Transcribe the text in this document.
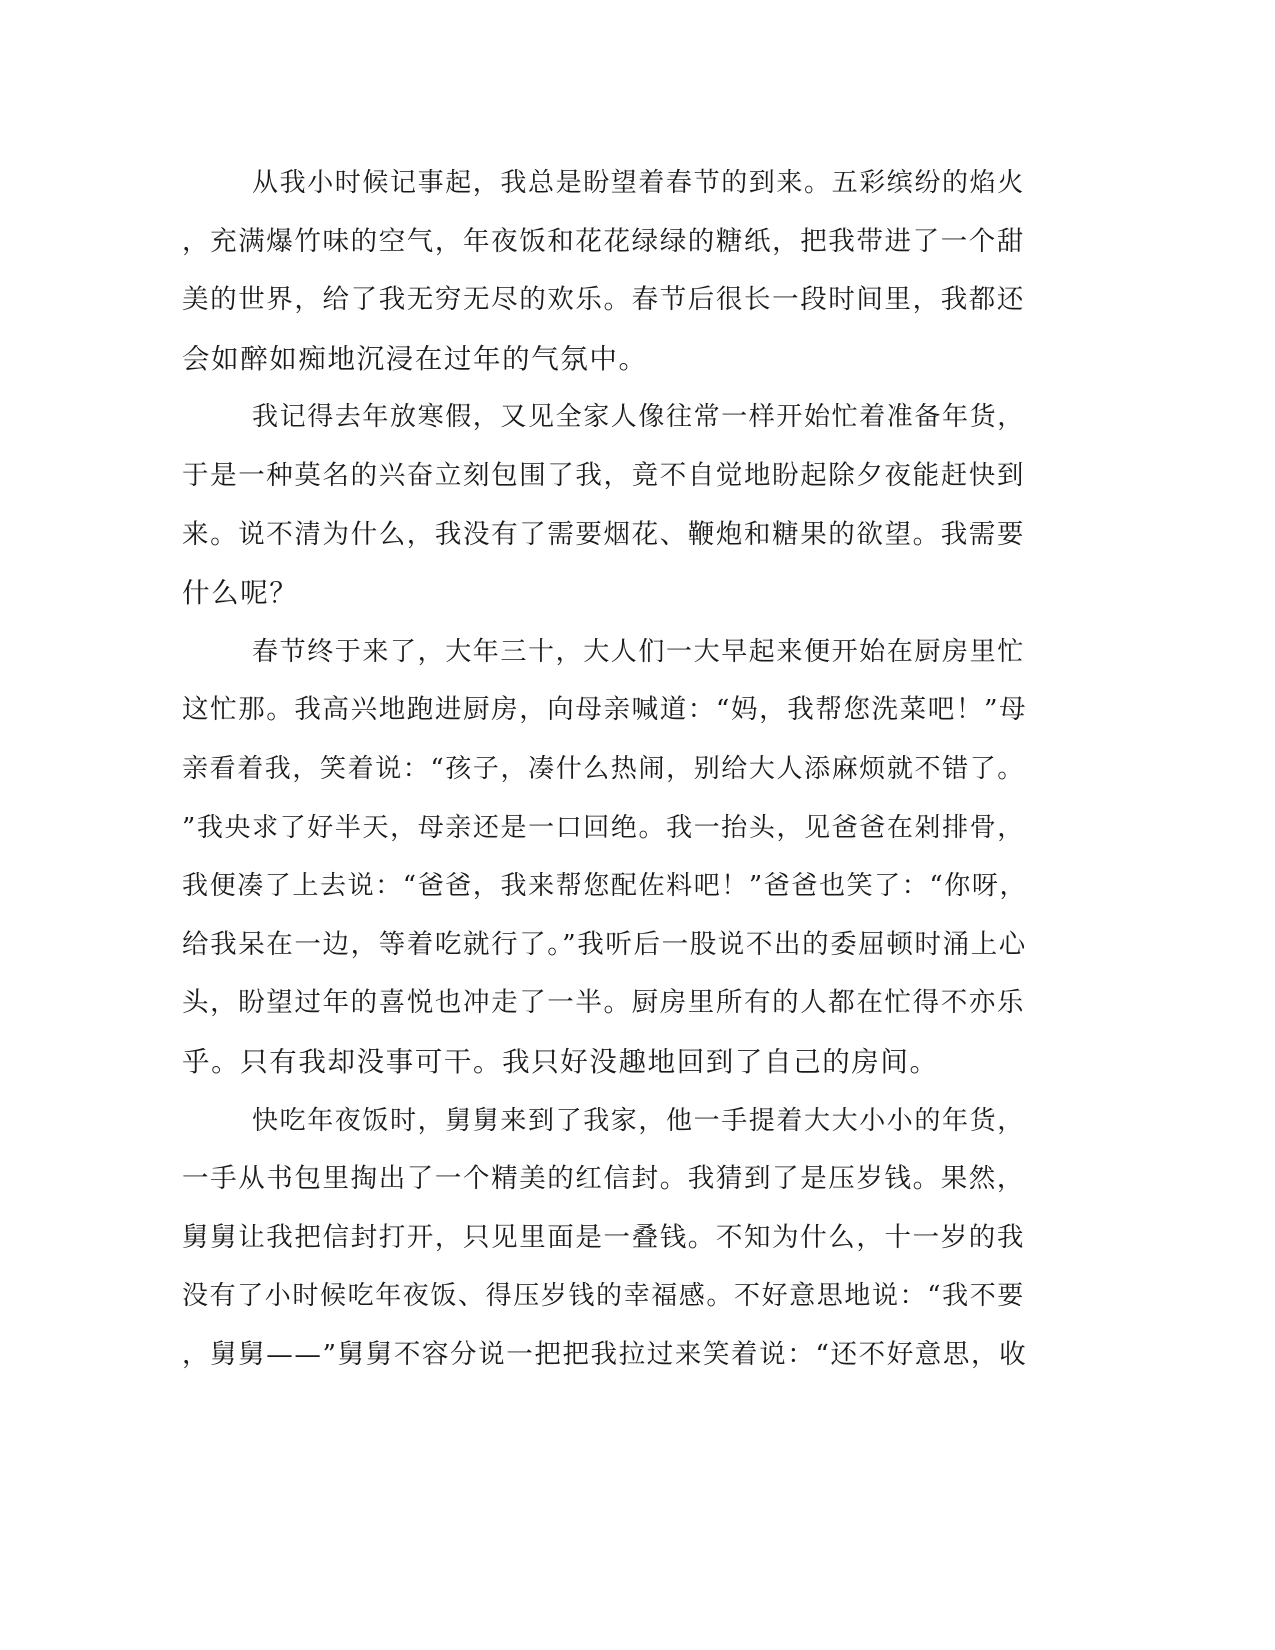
从我小时候记事起，我总是盼望着春节的到来。五彩缤纷的焰火
，充满爆竹味的空气，年夜饭和花花绿绿的糖纸，把我带进了一个甜
美的世界，给了我无穷无尽的欢乐。春节后很长一段时间里，我都还
会如醉如痴地沉浸在过年的气氛中。
我记得去年放寒假，又见全家人像往常一样开始忙着准备年货，
于是一种莫名的兴奋立刻包围了我，竟不自觉地盼起除夕夜能赶快到
来。说不清为什么，我没有了需要烟花、鞭炮和糖果的欲望。我需要
什么呢？
春节终于来了，大年三十，大人们一大早起来便开始在厨房里忙
这忙那。我高兴地跑进厨房，向母亲喊道：“妈，我帮您洗菜吧！”母
亲看着我，笑着说：“孩子，凑什么热闹，别给大人添麻烦就不错了。
”我央求了好半天，母亲还是一口回绝。我一抬头，见爸爸在剁排骨，
我便凑了上去说：“爸爸，我来帮您配佐料吧！”爸爸也笑了：“你呀，
给我呆在一边，等着吃就行了。”我听后一股说不出的委屈顿时涌上心
头，盼望过年的喜悦也冲走了一半。厨房里所有的人都在忙得不亦乐
乎。只有我却没事可干。我只好没趣地回到了自己的房间。
快吃年夜饭时，舅舅来到了我家，他一手提着大大小小的年货，
一手从书包里掏出了一个精美的红信封。我猜到了是压岁钱。果然，
舅舅让我把信封打开，只见里面是一叠钱。不知为什么，十一岁的我
没有了小时候吃年夜饭、得压岁钱的幸福感。不好意思地说：“我不要
，舅舅——”舅舅不容分说一把把我拉过来笑着说：“还不好意思，收
